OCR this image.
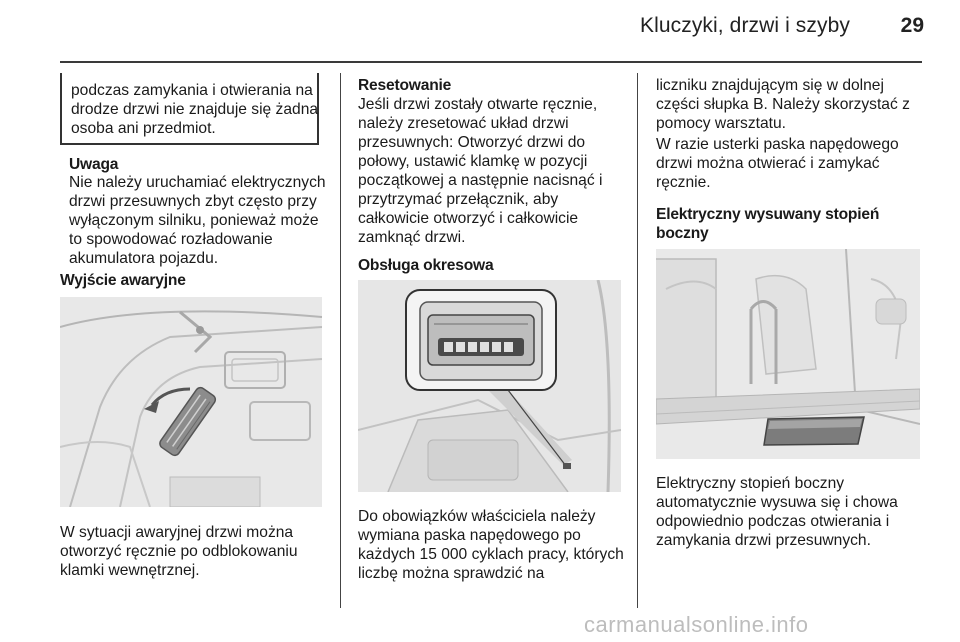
Kluczyki, drzwi i szyby	29

podczas zamykania i otwierania na drodze drzwi nie znajduje się żadna osoba ani przedmiot.

Uwaga

Nie należy uruchamiać elektrycznych drzwi przesuwnych zbyt często przy wyłączonym silniku, ponieważ może to spowodować rozładowanie akumulatora pojazdu.

Wyjście awaryjne

W sytuacji awaryjnej drzwi można otworzyć ręcznie po odblokowaniu klamki wewnętrznej.

Resetowanie

Jeśli drzwi zostały otwarte ręcznie, należy zresetować układ drzwi przesuwnych: Otworzyć drzwi do połowy, ustawić klamkę w pozycji początkowej a następnie nacisnąć i przytrzymać przełącznik, aby całkowicie otworzyć i całkowicie zamknąć drzwi.

Obsługa okresowa

Do obowiązków właściciela należy wymiana paska napędowego po każdych 15 000 cyklach pracy, których liczbę można sprawdzić na

liczniku znajdującym się w dolnej części słupka B. Należy skorzystać z pomocy warsztatu.

W razie usterki paska napędowego drzwi można otwierać i zamykać ręcznie.

Elektryczny wysuwany stopień boczny

Elektryczny stopień boczny automatycznie wysuwa się i chowa odpowiednio podczas otwierania i zamykania drzwi przesuwnych.

carmanualsonline.info
